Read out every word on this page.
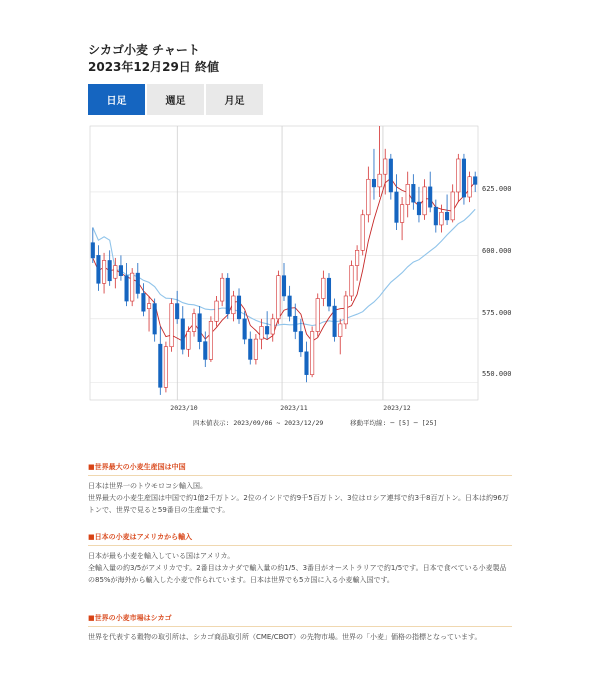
シカゴ小麦 チャート
2023年12月29日 終値
日足	週足	月足
625.000
600.000
575.000
550.000
2023/10	2023/11	2023/12
四本値表示: 2023/09/06 ~ 2023/12/29	移動平均線: ─ [5] ─ [25]
■世界最大の小麦生産国は中国
日本は世界一のトウモロコシ輸入国。
世界最大の小麦生産国は中国で約1億2千万トン。2位のインドで約9千5百万トン、3位はロシア連邦で約3千8百万トン。日本は約96万トンで、世界で見ると59番目の生産量です。
■日本の小麦はアメリカから輸入
日本が最も小麦を輸入している国はアメリカ。
全輸入量の約3/5がアメリカです。2番目はカナダで輸入量の約1/5、3番目がオーストラリアで約1/5です。日本で食べている小麦製品の85%が海外から輸入した小麦で作られています。日本は世界でも5カ国に入る小麦輸入国です。
■世界の小麦市場はシカゴ
世界を代表する穀物の取引所は、シカゴ商品取引所（CME/CBOT）の先物市場。世界の「小麦」価格の指標となっています。
